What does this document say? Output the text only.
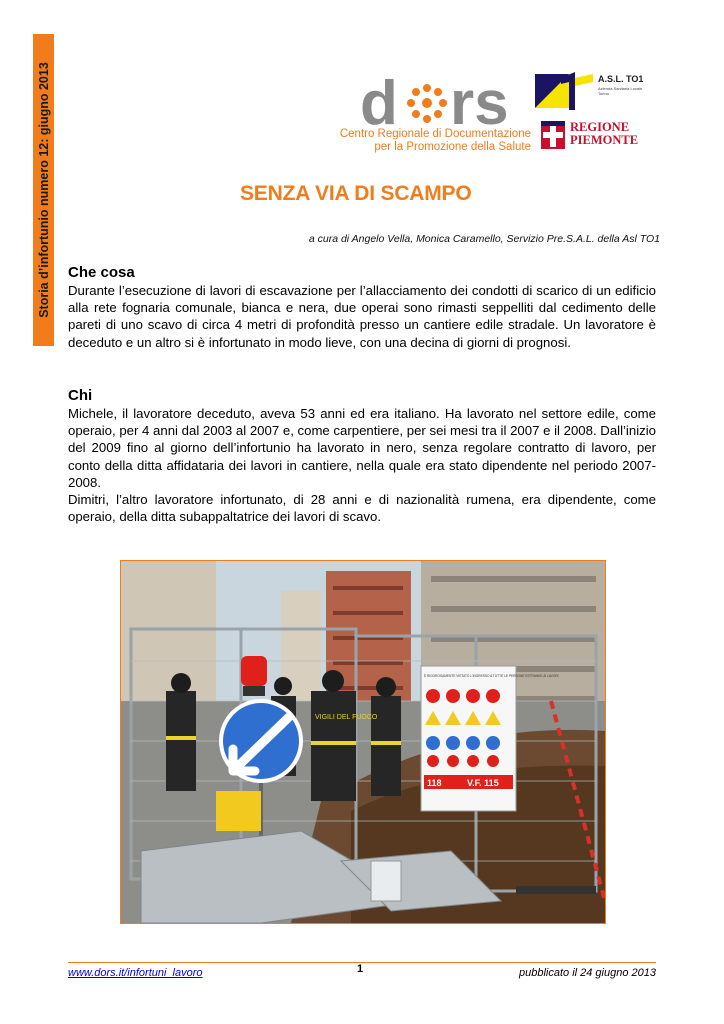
Storia d’infortunio numero 12: giugno 2013	d rs
Centro Regionale di Documentazione
per la Promozione della Salute
A.S.L. TO1
Azienda Sanitaria Locale Torino
REGIONE
PIEMONTE
SENZA VIA DI SCAMPO
a cura di Angelo Vella, Monica Caramello, Servizio Pre.S.A.L. della Asl TO1
Che cosa

Durante l’esecuzione di lavori di escavazione per l’allacciamento dei condotti di scarico di un edificio alla rete fognaria comunale, bianca e nera, due operai sono rimasti seppelliti dal cedimento delle pareti di uno scavo di circa 4 metri di profondità presso un cantiere edile stradale. Un lavoratore è deceduto e un altro si è infortunato in modo lieve, con una decina di giorni di prognosi.

Chi
Michele, il lavoratore deceduto, aveva 53 anni ed era italiano. Ha lavorato nel settore edile, come operaio, per 4 anni dal 2003 al 2007 e, come carpentiere, per sei mesi tra il 2007 e il 2008. Dall’inizio del 2009 fino al giorno dell’infortunio ha lavorato in nero, senza regolare contratto di lavoro, per conto della ditta affidataria dei lavori in cantiere, nella quale era stato dipendente nel periodo 2007-2008.
Dimitri, l’altro lavoratore infortunato, di 28 anni e di nazionalità rumena, era dipendente, come operaio, della ditta subappaltatrice dei lavori di scavo.
VIGILI DEL FUOCO
È RIGOROSAMENTE VIETATO L'INGRESSO A TUTTE LE PERSONE ESTRANEE AI LAVORI
V.F. 115
118
www.dors.it/infortuni_lavoro	1	pubblicato il 24 giugno 2013
